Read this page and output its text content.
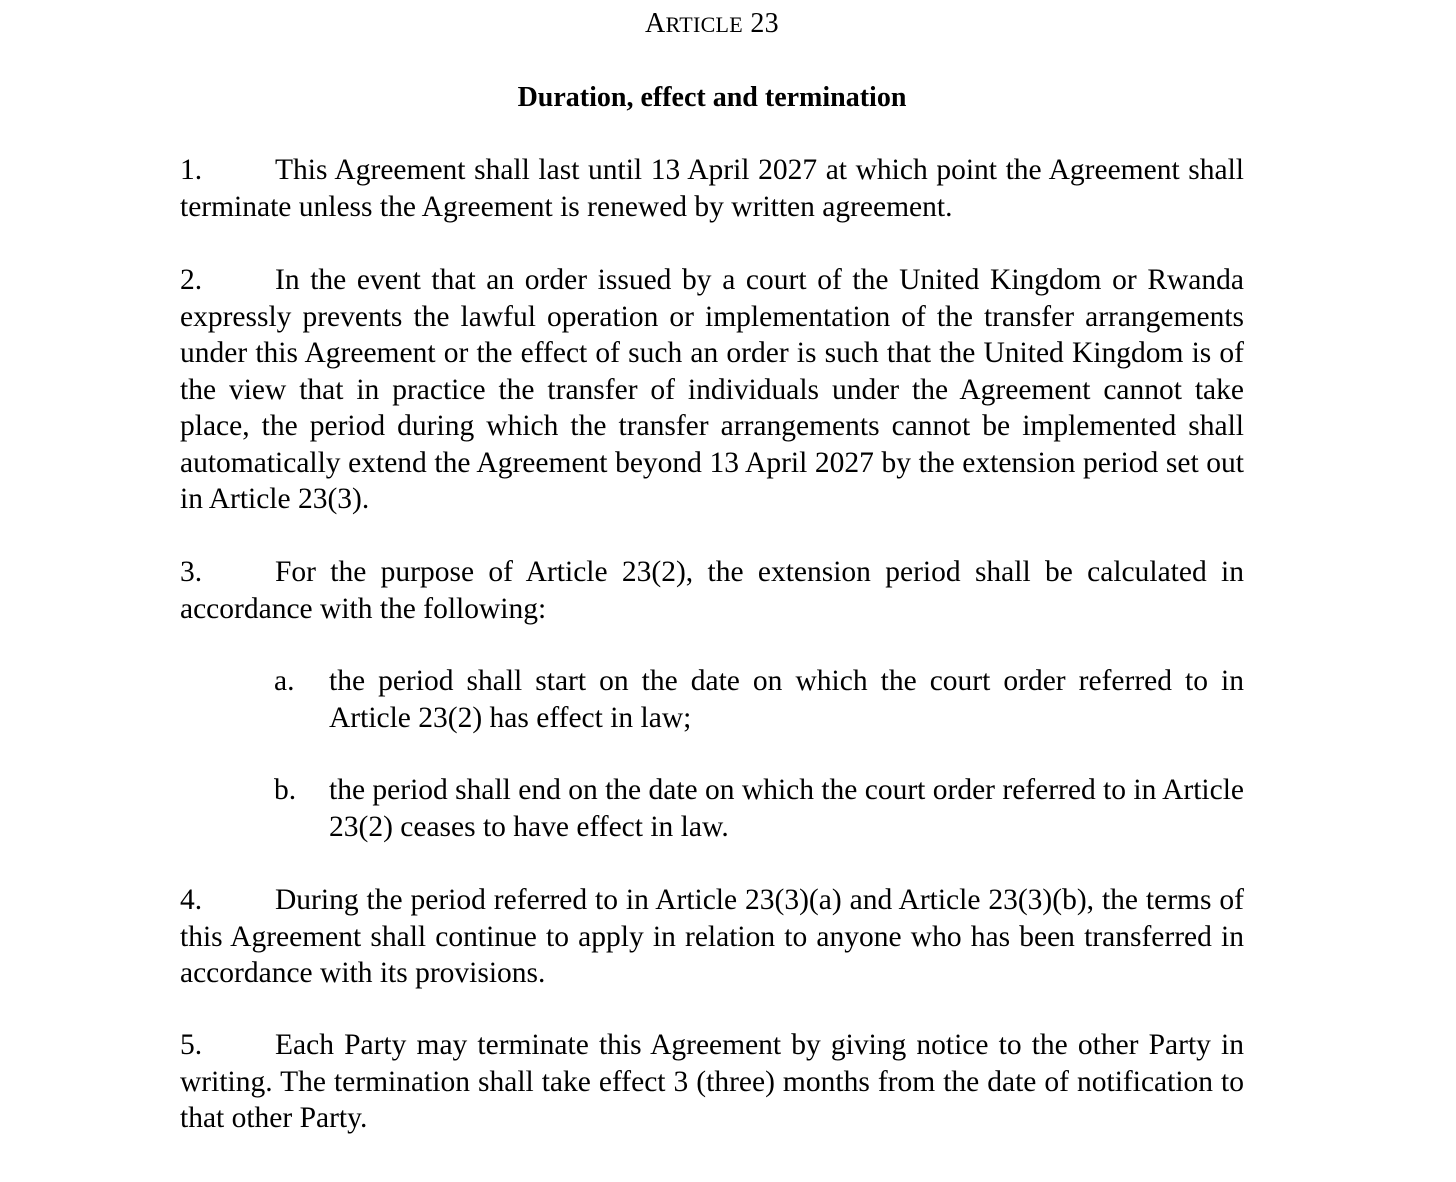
ARTICLE 23
Duration, effect and termination

1. This Agreement shall last until 13 April 2027 at which point the Agreement shall terminate unless the Agreement is renewed by written agreement.

2. In the event that an order issued by a court of the United Kingdom or Rwanda expressly prevents the lawful operation or implementation of the transfer arrangements under this Agreement or the effect of such an order is such that the United Kingdom is of the view that in practice the transfer of individuals under the Agreement cannot take place, the period during which the transfer arrangements cannot be implemented shall automatically extend the Agreement beyond 13 April 2027 by the extension period set out in Article 23(3).

3. For the purpose of Article 23(2), the extension period shall be calculated in accordance with the following:

a. the period shall start on the date on which the court order referred to in Article 23(2) has effect in law;
b. the period shall end on the date on which the court order referred to in Article 23(2) ceases to have effect in law.

4. During the period referred to in Article 23(3)(a) and Article 23(3)(b), the terms of this Agreement shall continue to apply in relation to anyone who has been transferred in accordance with its provisions.

5. Each Party may terminate this Agreement by giving notice to the other Party in writing. The termination shall take effect 3 (three) months from the date of notification to that other Party.
